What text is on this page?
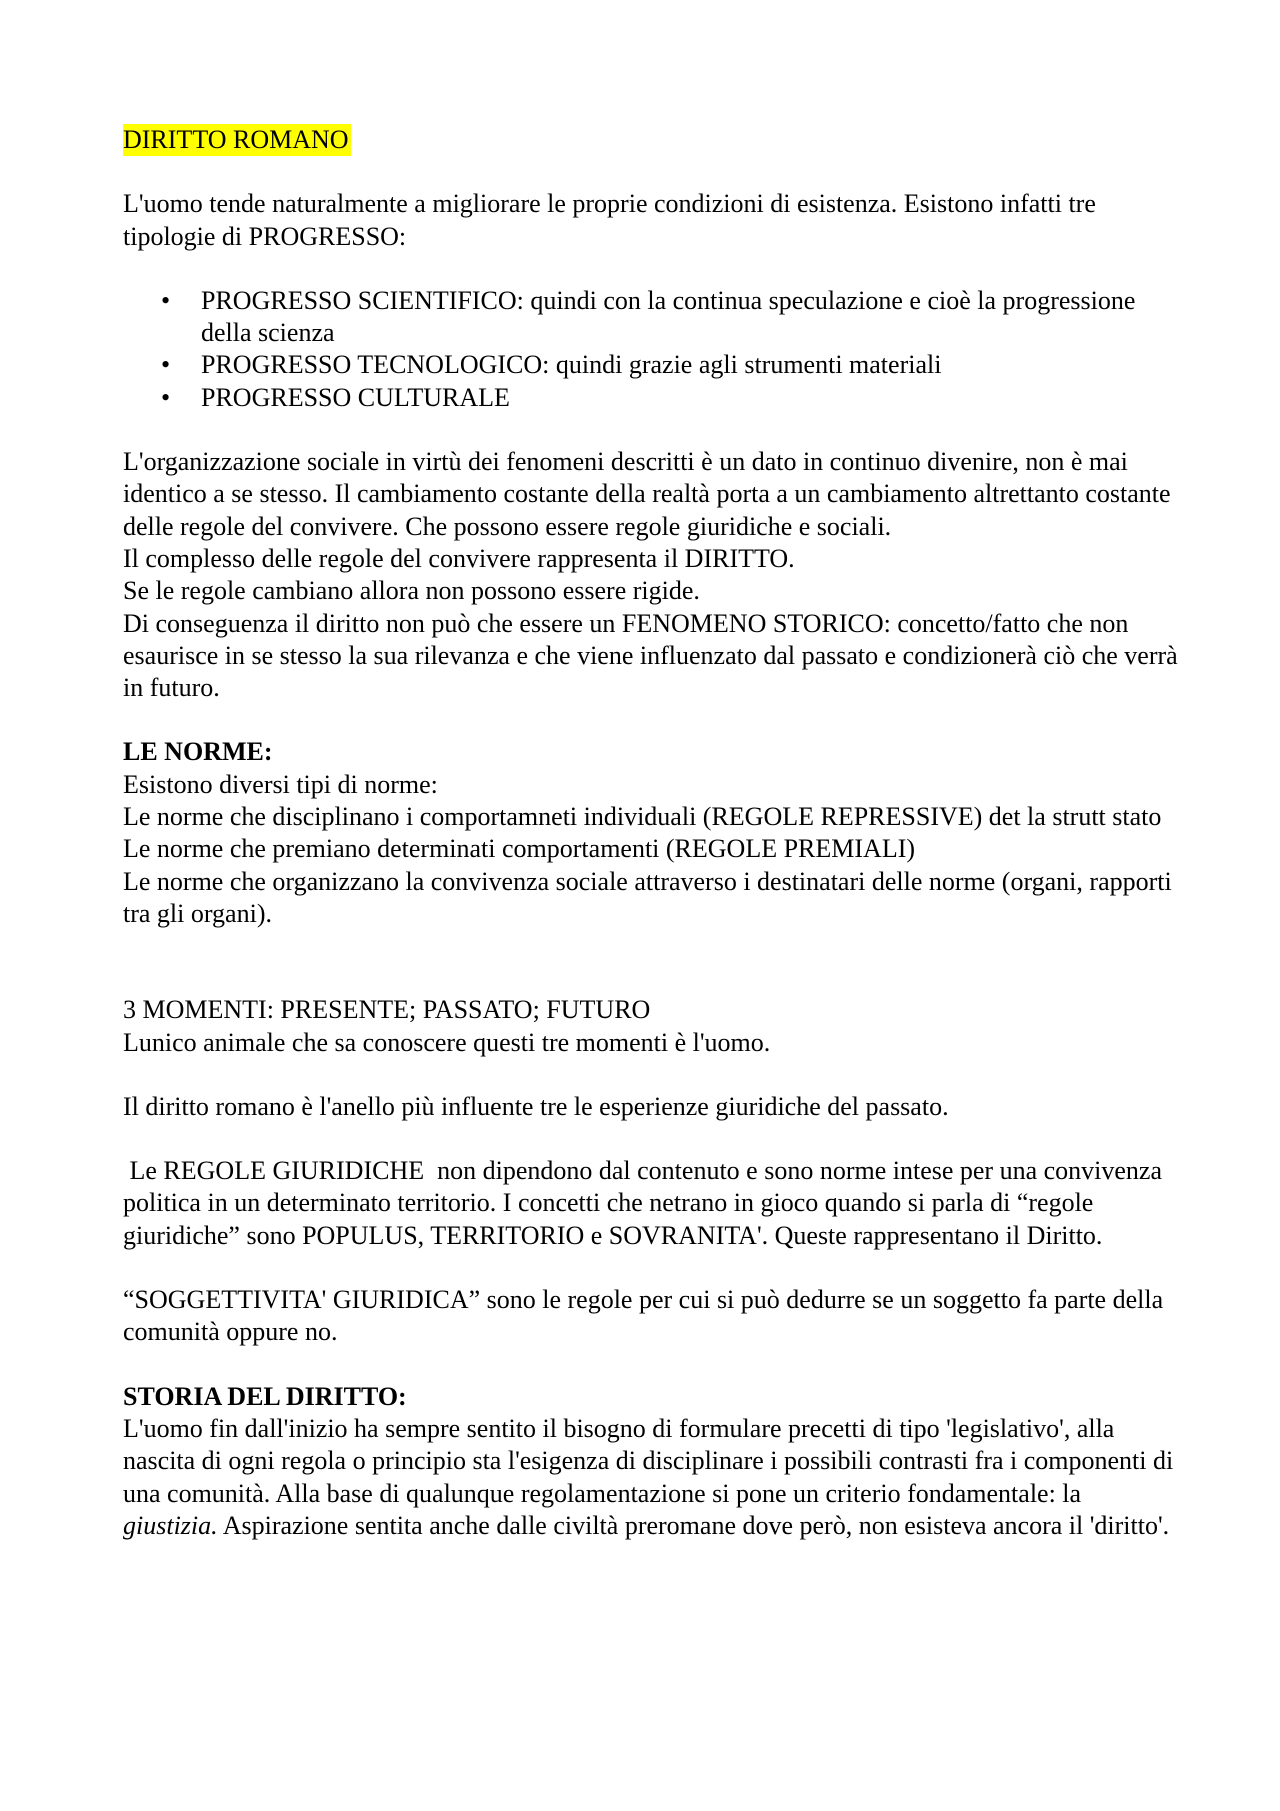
DIRITTO ROMANO

L'uomo tende naturalmente a migliorare le proprie condizioni di esistenza. Esistono infatti tre tipologie di PROGRESSO:

• PROGRESSO SCIENTIFICO: quindi con la continua speculazione e cioè la progressione della scienza
• PROGRESSO TECNOLOGICO: quindi grazie agli strumenti materiali
• PROGRESSO CULTURALE

L'organizzazione sociale in virtù dei fenomeni descritti è un dato in continuo divenire, non è mai identico a se stesso. Il cambiamento costante della realtà porta a un cambiamento altrettanto costante delle regole del convivere. Che possono essere regole giuridiche e sociali.

Il complesso delle regole del convivere rappresenta il DIRITTO.

Se le regole cambiano allora non possono essere rigide.

Di conseguenza il diritto non può che essere un FENOMENO STORICO: concetto/fatto che non esaurisce in se stesso la sua rilevanza e che viene influenzato dal passato e condizionerà ciò che verrà in futuro.

LE NORME:

Esistono diversi tipi di norme:

Le norme che disciplinano i comportamneti individuali (REGOLE REPRESSIVE) det la strutt stato

Le norme che premiano determinati comportamenti (REGOLE PREMIALI)

Le norme che organizzano la convivenza sociale attraverso i destinatari delle norme (organi, rapporti tra gli organi).

3 MOMENTI: PRESENTE; PASSATO; FUTURO

Lunico animale che sa conoscere questi tre momenti è l'uomo.

Il diritto romano è l'anello più influente tre le esperienze giuridiche del passato.

Le REGOLE GIURIDICHE  non dipendono dal contenuto e sono norme intese per una convivenza politica in un determinato territorio. I concetti che netrano in gioco quando si parla di “regole giuridiche” sono POPULUS, TERRITORIO e SOVRANITA'. Queste rappresentano il Diritto.

“SOGGETTIVITA' GIURIDICA” sono le regole per cui si può dedurre se un soggetto fa parte della comunità oppure no.

STORIA DEL DIRITTO:

L'uomo fin dall'inizio ha sempre sentito il bisogno di formulare precetti di tipo 'legislativo', alla nascita di ogni regola o principio sta l'esigenza di disciplinare i possibili contrasti fra i componenti di una comunità. Alla base di qualunque regolamentazione si pone un criterio fondamentale: la giustizia. Aspirazione sentita anche dalle civiltà preromane dove però, non esisteva ancora il 'diritto'.
